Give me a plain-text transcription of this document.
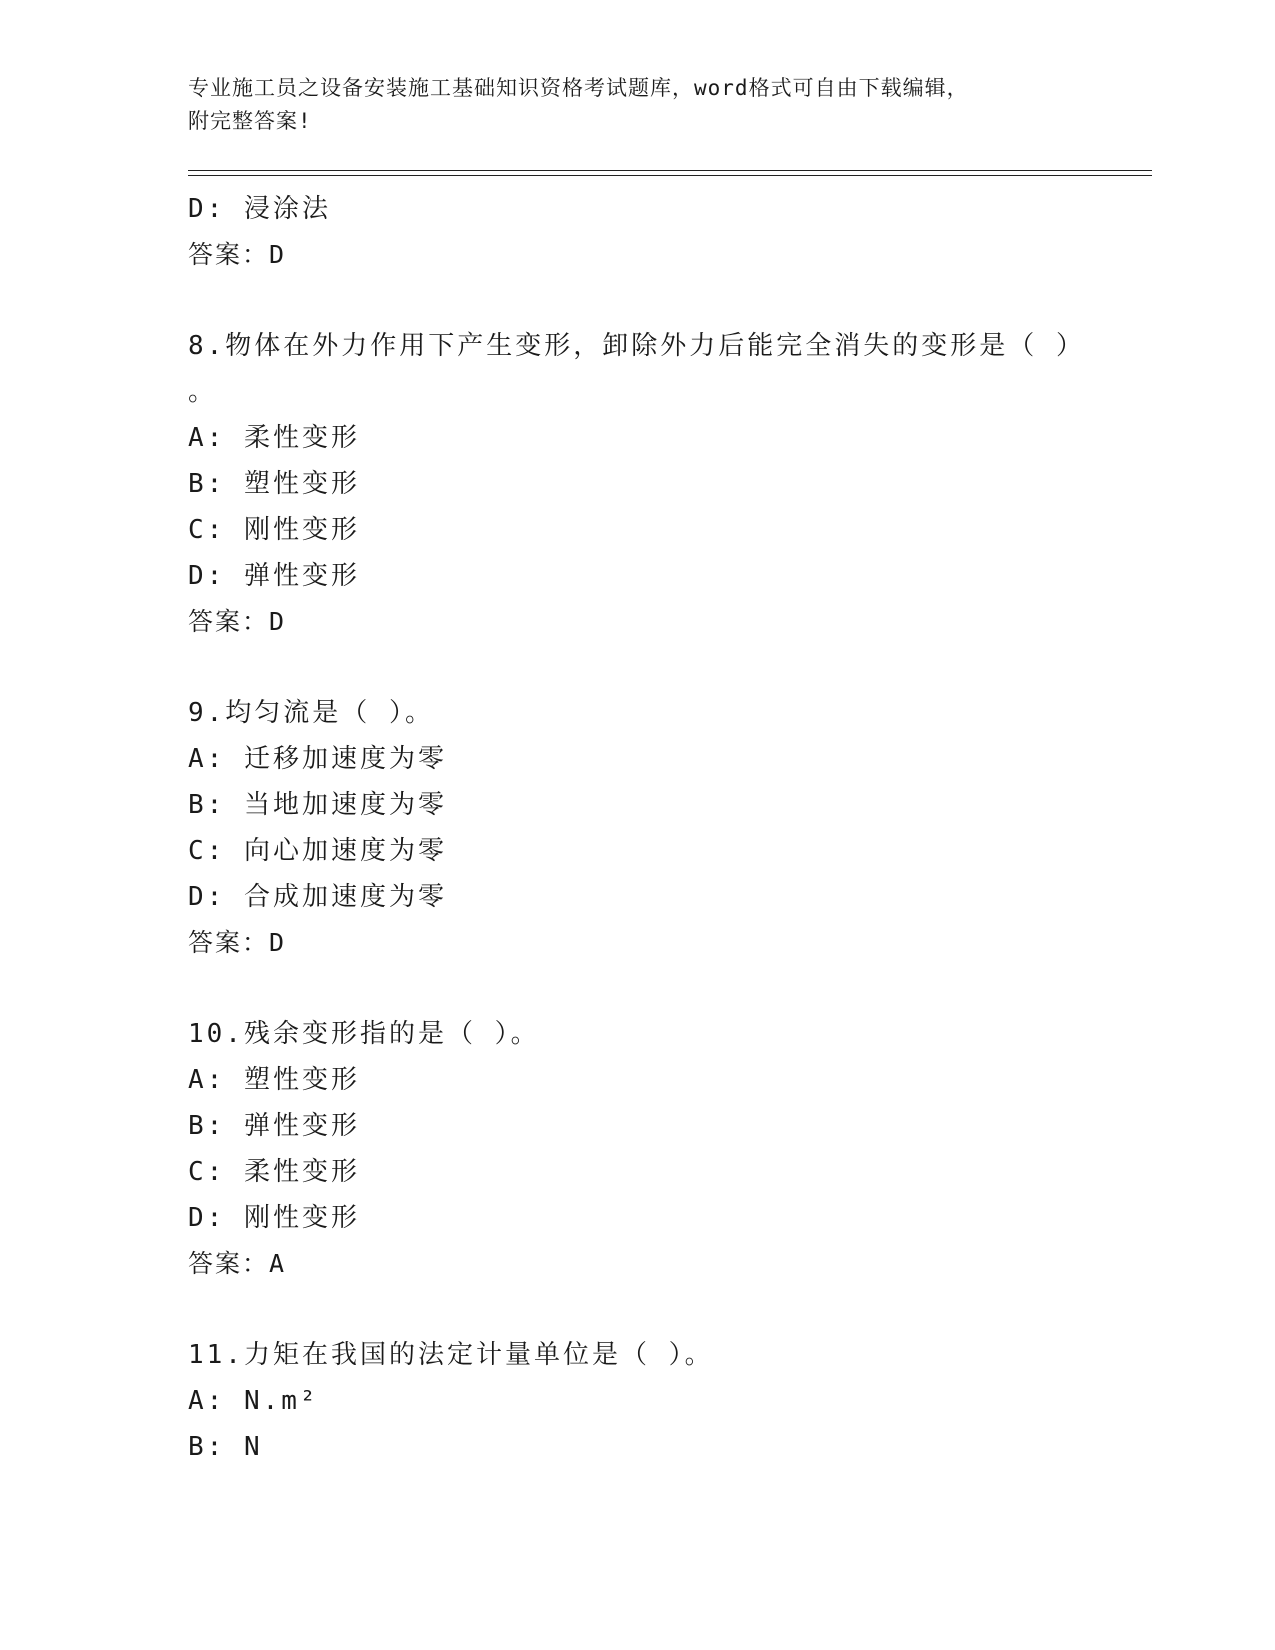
专业施工员之设备安装施工基础知识资格考试题库，word格式可自由下载编辑，
附完整答案!
D: 浸涂法
答案：D
8.物体在外力作用下产生变形，卸除外力后能完全消失的变形是（ ）
。
A: 柔性变形
B: 塑性变形
C: 刚性变形
D: 弹性变形
答案：D
9.均匀流是（ ）。
A: 迁移加速度为零
B: 当地加速度为零
C: 向心加速度为零
D: 合成加速度为零
答案：D
10.残余变形指的是（ ）。
A: 塑性变形
B: 弹性变形
C: 柔性变形
D: 刚性变形
答案：A
11.力矩在我国的法定计量单位是（ ）。
A: N.m²
B: N
